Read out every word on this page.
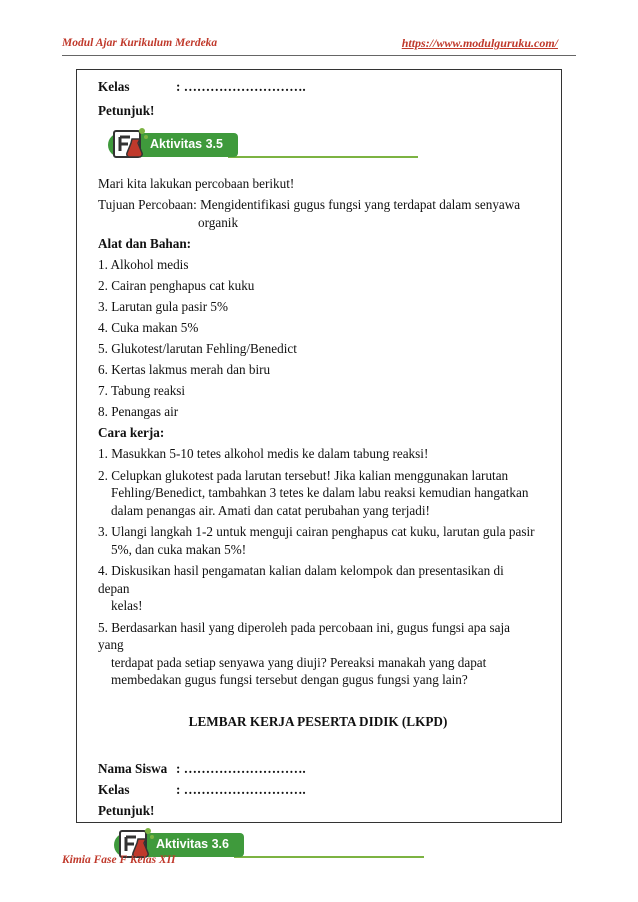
Modul Ajar Kurikulum Merdeka	https://www.modulguruku.com/
Kelas	: ……………………….
Petunjuk!
Aktivitas 3.5
Mari kita lakukan percobaan berikut!
Tujuan Percobaan: Mengidentifikasi gugus fungsi yang terdapat dalam senyawa
organik
Alat dan Bahan:
1. Alkohol medis
2. Cairan penghapus cat kuku
3. Larutan gula pasir 5%
4. Cuka makan 5%
5. Glukotest/larutan Fehling/Benedict
6. Kertas lakmus merah dan biru
7. Tabung reaksi
8. Penangas air
Cara kerja:
1. Masukkan 5-10 tetes alkohol medis ke dalam tabung reaksi!
2. Celupkan glukotest pada larutan tersebut! Jika kalian menggunakan larutan
Fehling/Benedict, tambahkan 3 tetes ke dalam labu reaksi kemudian hangatkan
dalam penangas air. Amati dan catat perubahan yang terjadi!
3. Ulangi langkah 1-2 untuk menguji cairan penghapus cat kuku, larutan gula pasir
5%, dan cuka makan 5%!
4. Diskusikan hasil pengamatan kalian dalam kelompok dan presentasikan di depan
kelas!
5. Berdasarkan hasil yang diperoleh pada percobaan ini, gugus fungsi apa saja yang
terdapat pada setiap senyawa yang diuji? Pereaksi manakah yang dapat
membedakan gugus fungsi tersebut dengan gugus fungsi yang lain?
LEMBAR KERJA PESERTA DIDIK (LKPD)
Nama Siswa : ……………………….
Kelas	: ……………………….
Petunjuk!
Aktivitas 3.6
Kimia Fase F Kelas XII
